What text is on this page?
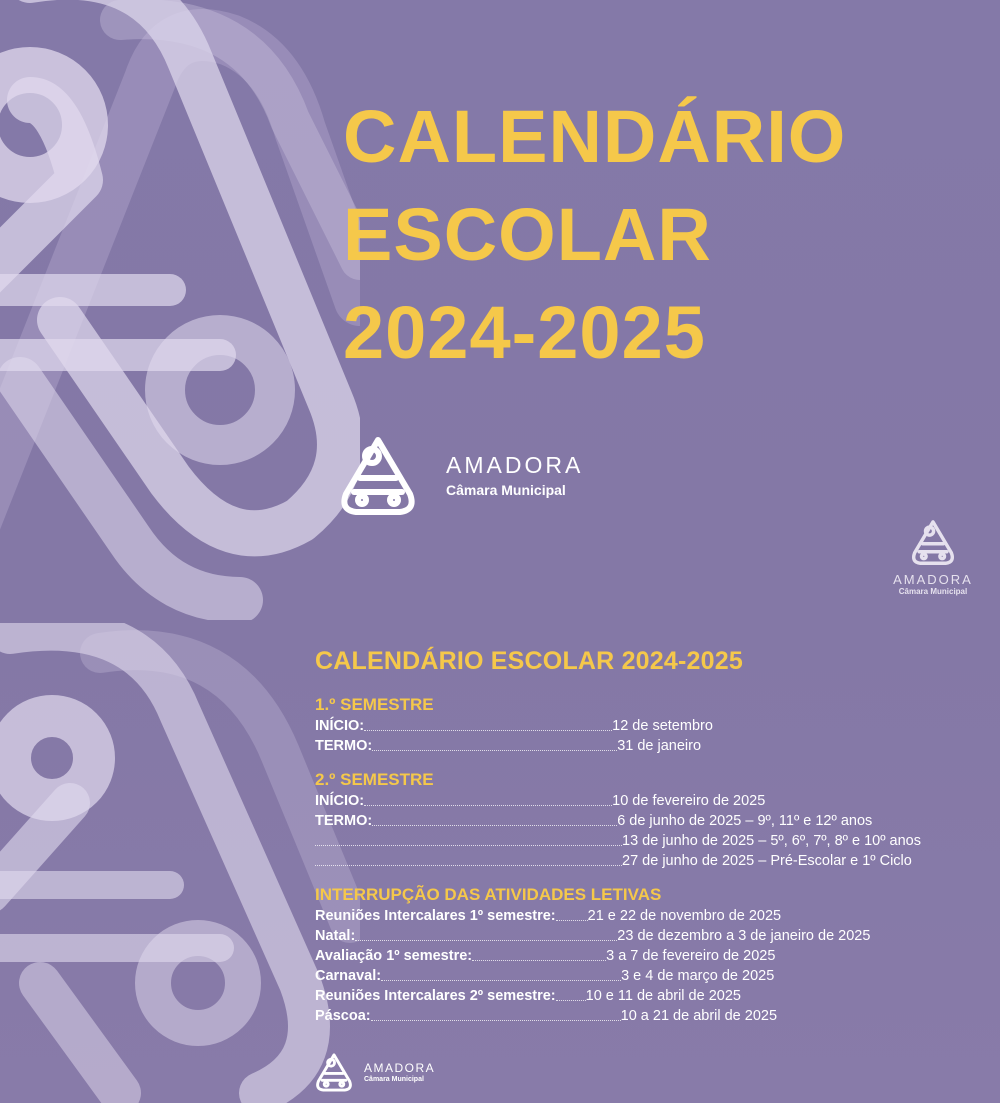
CALENDÁRIO
ESCOLAR
2024-2025
AMADORA
Câmara Municipal
AMADORA
Câmara Municipal
CALENDÁRIO ESCOLAR 2024-2025
1.º SEMESTRE
INÍCIO:	12 de setembro
TERMO:	31 de janeiro
2.º SEMESTRE
INÍCIO:	10 de fevereiro de 2025
TERMO:	6 de junho de 2025 – 9º, 11º e 12º anos
13 de junho de 2025 – 5º, 6º, 7º, 8º e 10º anos
27 de junho de 2025 – Pré-Escolar e 1º Ciclo
INTERRUPÇÃO DAS ATIVIDADES LETIVAS
Reuniões Intercalares 1º semestre: 21 e 22 de novembro de 2025
Natal:	23 de dezembro a 3 de janeiro de 2025
Avaliação 1º semestre:	3 a 7 de fevereiro de 2025
Carnaval:	3 e 4 de março de 2025
Reuniões Intercalares 2º semestre: 10 e 11 de abril de 2025
Páscoa:	10 a 21 de abril de 2025
AMADORA
Câmara Municipal
